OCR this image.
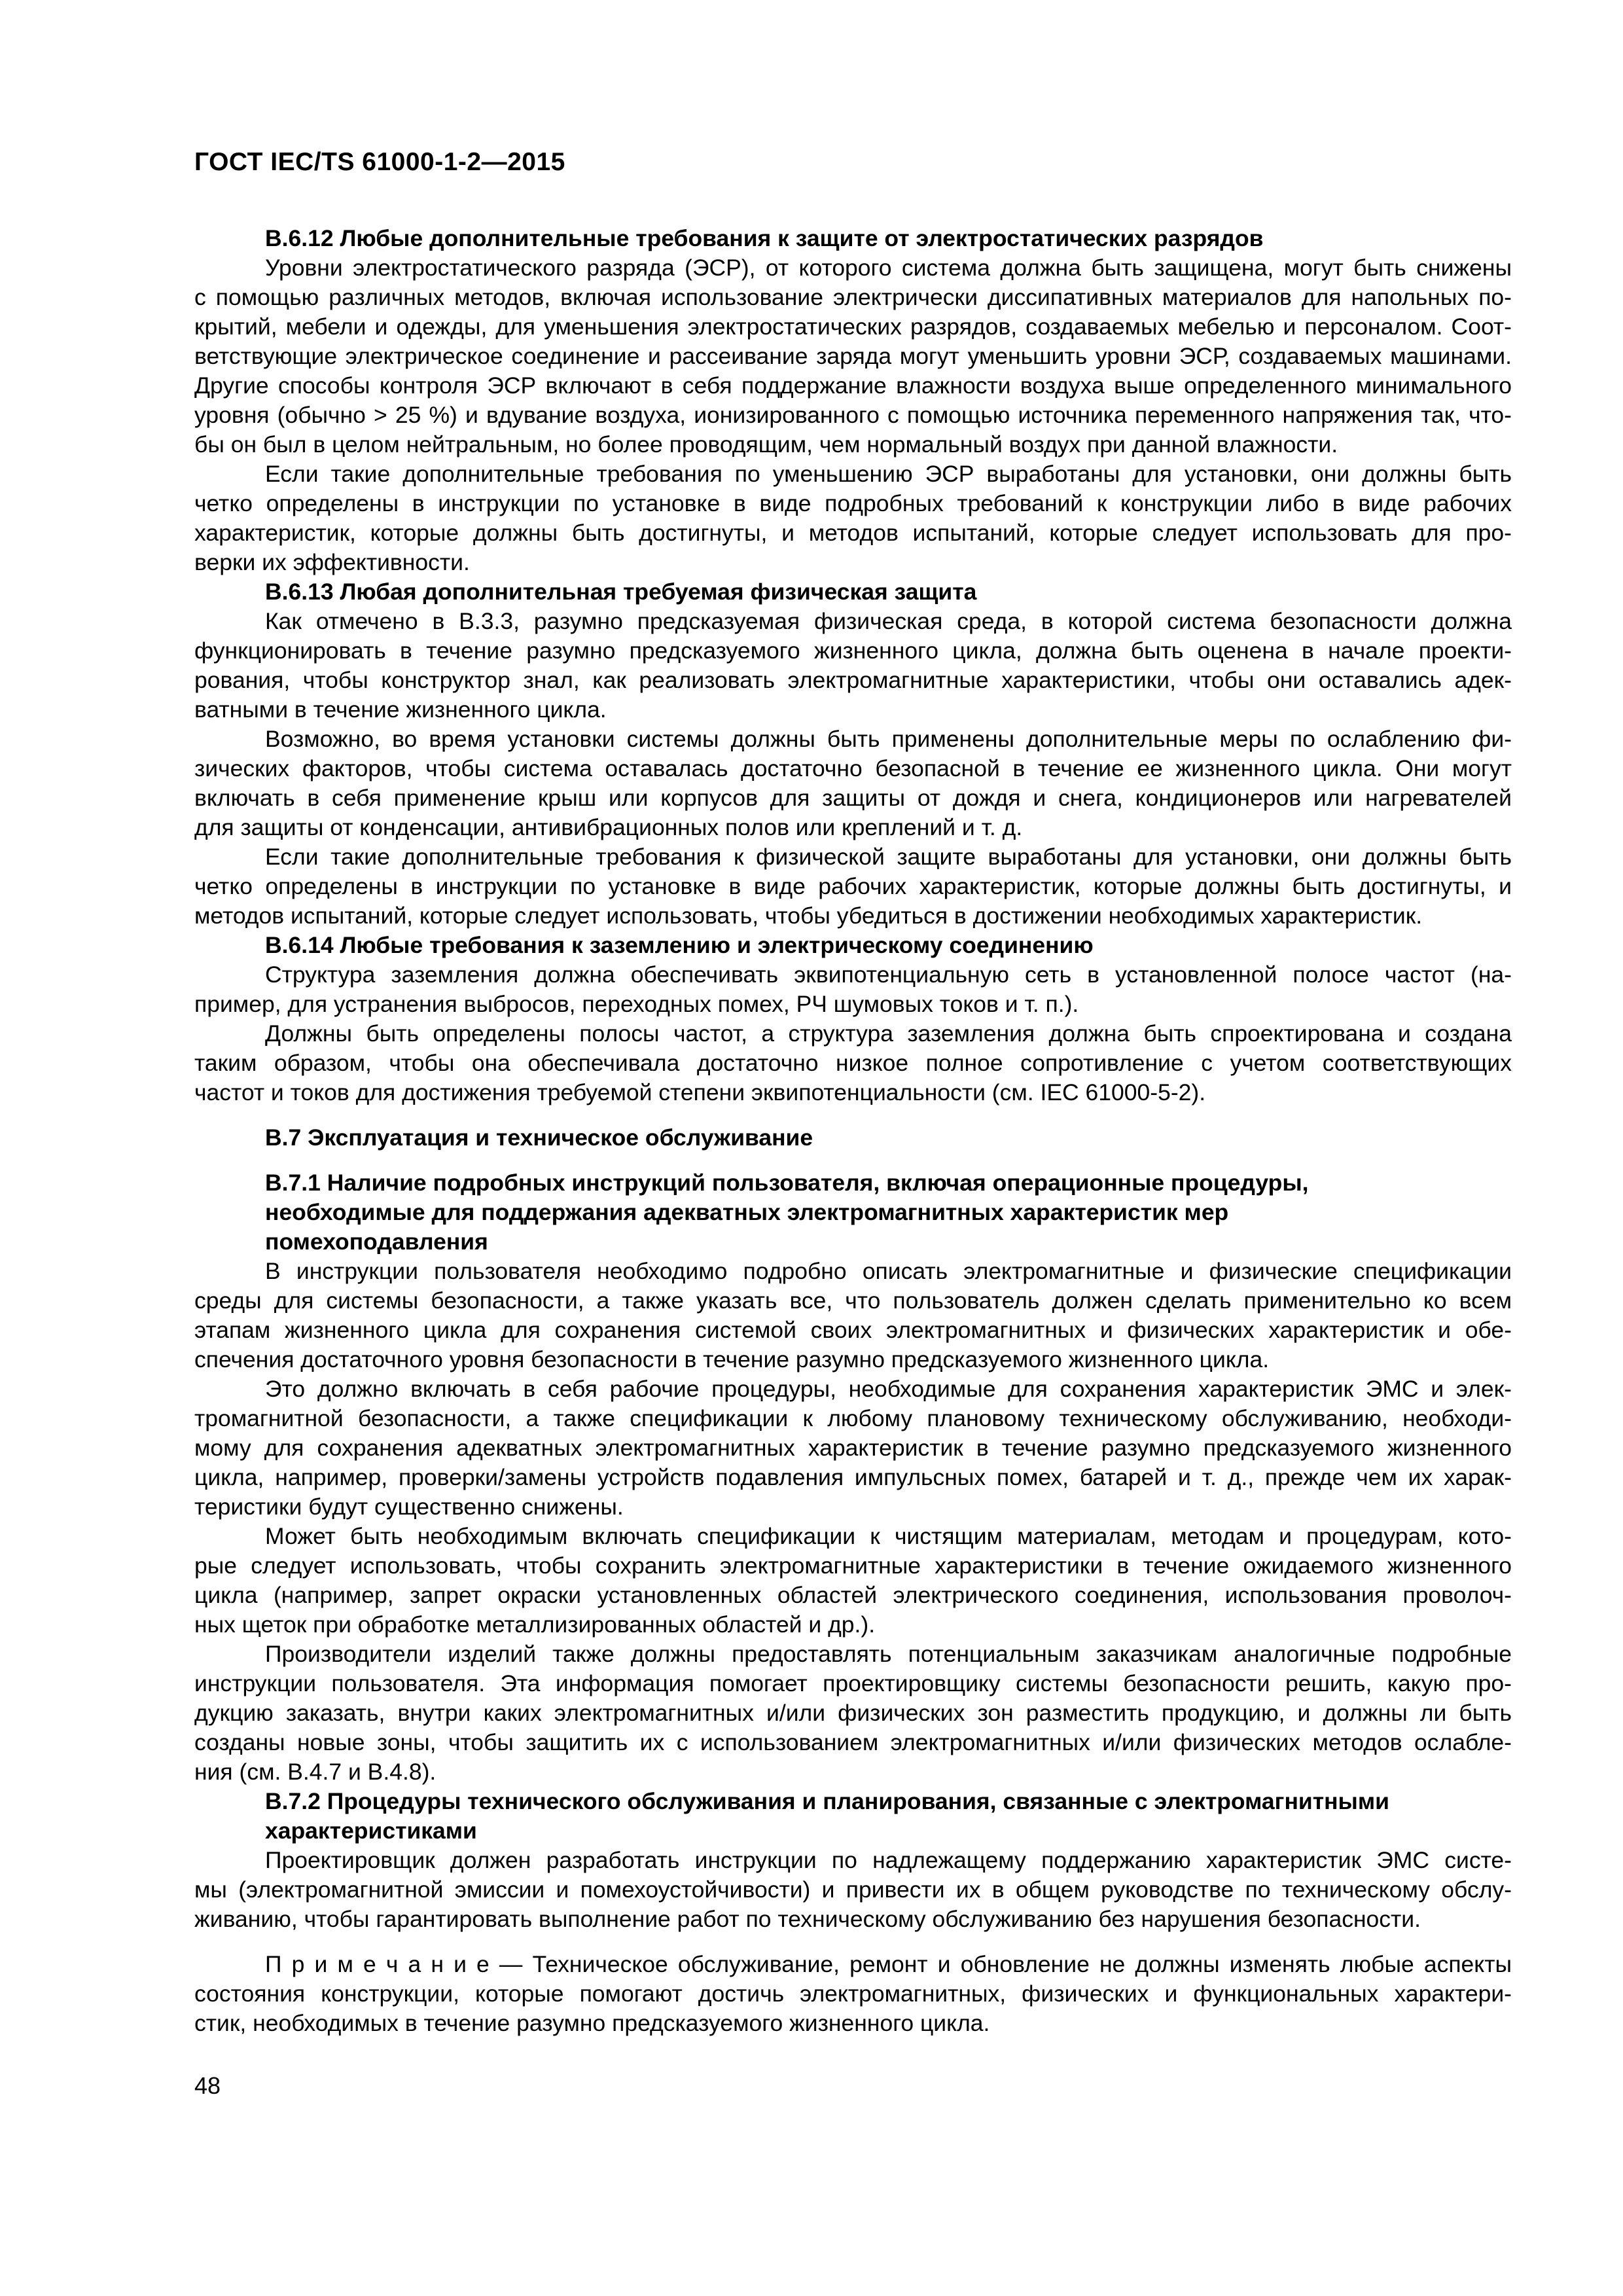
ГОСТ IEC/TS 61000-1-2—2015
В.6.12 Любые дополнительные требования к защите от электростатических разрядов
Уровни электростатического разряда (ЭСР), от которого система должна быть защищена, могут быть снижены
с помощью различных методов, включая использование электрически диссипативных материалов для напольных по-
крытий, мебели и одежды, для уменьшения электростатических разрядов, создаваемых мебелью и персоналом. Соот-
ветствующие электрическое соединение и рассеивание заряда могут уменьшить уровни ЭСР, создаваемых машинами.
Другие способы контроля ЭСР включают в себя поддержание влажности воздуха выше определенного минимального
уровня (обычно > 25 %) и вдувание воздуха, ионизированного с помощью источника переменного напряжения так, что-
бы он был в целом нейтральным, но более проводящим, чем нормальный воздух при данной влажности.
Если такие дополнительные требования по уменьшению ЭСР выработаны для установки, они должны быть
четко определены в инструкции по установке в виде подробных требований к конструкции либо в виде рабочих
характеристик, которые должны быть достигнуты, и методов испытаний, которые следует использовать для про-
верки их эффективности.
В.6.13 Любая дополнительная требуемая физическая защита
Как отмечено в В.3.3, разумно предсказуемая физическая среда, в которой система безопасности должна
функционировать в течение разумно предсказуемого жизненного цикла, должна быть оценена в начале проекти-
рования, чтобы конструктор знал, как реализовать электромагнитные характеристики, чтобы они оставались адек-
ватными в течение жизненного цикла.
Возможно, во время установки системы должны быть применены дополнительные меры по ослаблению фи-
зических факторов, чтобы система оставалась достаточно безопасной в течение ее жизненного цикла. Они могут
включать в себя применение крыш или корпусов для защиты от дождя и снега, кондиционеров или нагревателей
для защиты от конденсации, антивибрационных полов или креплений и т. д.
Если такие дополнительные требования к физической защите выработаны для установки, они должны быть
четко определены в инструкции по установке в виде рабочих характеристик, которые должны быть достигнуты, и
методов испытаний, которые следует использовать, чтобы убедиться в достижении необходимых характеристик.
В.6.14 Любые требования к заземлению и электрическому соединению
Структура заземления должна обеспечивать эквипотенциальную сеть в установленной полосе частот (на-
пример, для устранения выбросов, переходных помех, РЧ шумовых токов и т. п.).
Должны быть определены полосы частот, а структура заземления должна быть спроектирована и создана
таким образом, чтобы она обеспечивала достаточно низкое полное сопротивление с учетом соответствующих
частот и токов для достижения требуемой степени эквипотенциальности (см. IEC 61000-5-2).
В.7 Эксплуатация и техническое обслуживание
В.7.1 Наличие подробных инструкций пользователя, включая операционные процедуры,
необходимые для поддержания адекватных электромагнитных характеристик мер
помехоподавления
В инструкции пользователя необходимо подробно описать электромагнитные и физические спецификации
среды для системы безопасности, а также указать все, что пользователь должен сделать применительно ко всем
этапам жизненного цикла для сохранения системой своих электромагнитных и физических характеристик и обе-
спечения достаточного уровня безопасности в течение разумно предсказуемого жизненного цикла.
Это должно включать в себя рабочие процедуры, необходимые для сохранения характеристик ЭМС и элек-
тромагнитной безопасности, а также спецификации к любому плановому техническому обслуживанию, необходи-
мому для сохранения адекватных электромагнитных характеристик в течение разумно предсказуемого жизненного
цикла, например, проверки/замены устройств подавления импульсных помех, батарей и т. д., прежде чем их харак-
теристики будут существенно снижены.
Может быть необходимым включать спецификации к чистящим материалам, методам и процедурам, кото-
рые следует использовать, чтобы сохранить электромагнитные характеристики в течение ожидаемого жизненного
цикла (например, запрет окраски установленных областей электрического соединения, использования проволоч-
ных щеток при обработке металлизированных областей и др.).
Производители изделий также должны предоставлять потенциальным заказчикам аналогичные подробные
инструкции пользователя. Эта информация помогает проектировщику системы безопасности решить, какую про-
дукцию заказать, внутри каких электромагнитных и/или физических зон разместить продукцию, и должны ли быть
созданы новые зоны, чтобы защитить их с использованием электромагнитных и/или физических методов ослабле-
ния (см. В.4.7 и В.4.8).
В.7.2 Процедуры технического обслуживания и планирования, связанные с электромагнитными
характеристиками
Проектировщик должен разработать инструкции по надлежащему поддержанию характеристик ЭМС систе-
мы (электромагнитной эмиссии и помехоустойчивости) и привести их в общем руководстве по техническому обслу-
живанию, чтобы гарантировать выполнение работ по техническому обслуживанию без нарушения безопасности.
П р и м е ч а н и е — Техническое обслуживание, ремонт и обновление не должны изменять любые аспекты
состояния конструкции, которые помогают достичь электромагнитных, физических и функциональных характери-
стик, необходимых в течение разумно предсказуемого жизненного цикла.
48
